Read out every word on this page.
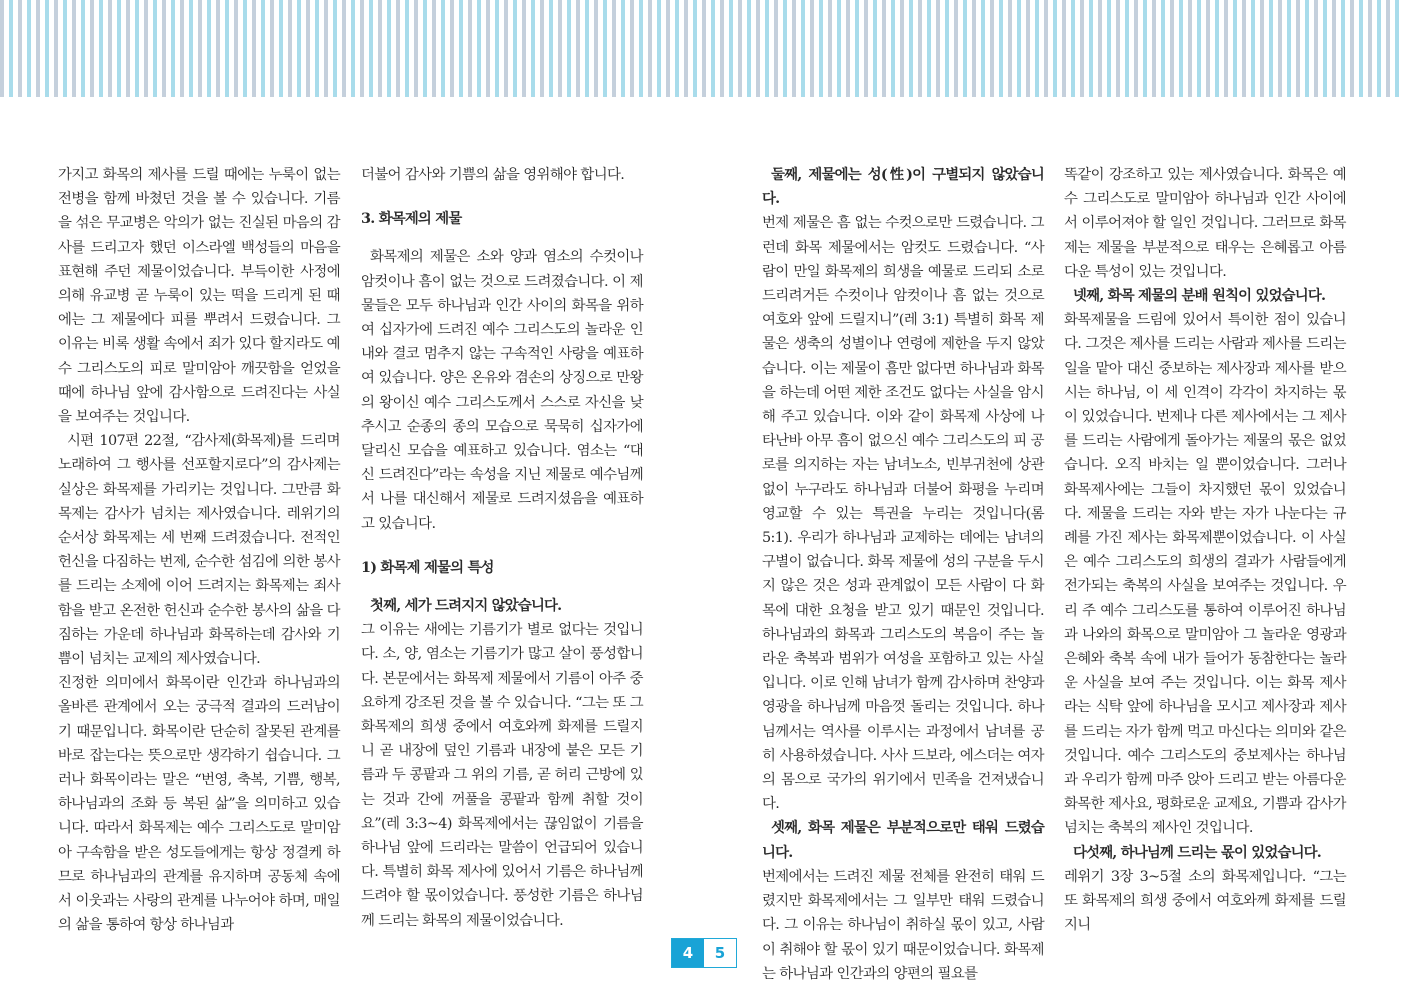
가지고 화목의 제사를 드릴 때에는 누룩이 없는 전병을 함께 바쳤던 것을 볼 수 있습니다. 기름을 섞은 무교병은 악의가 없는 진실된 마음의 감사를 드리고자 했던 이스라엘 백성들의 마음을 표현해 주던 제물이었습니다. 부득이한 사정에 의해 유교병 곧 누룩이 있는 떡을 드리게 된 때에는 그 제물에다 피를 뿌려서 드렸습니다. 그 이유는 비록 생활 속에서 죄가 있다 할지라도 예수 그리스도의 피로 말미암아 깨끗함을 얻었을 때에 하나님 앞에 감사함으로 드려진다는 사실을 보여주는 것입니다.

시편 107편 22절, “감사제(화목제)를 드리며 노래하여 그 행사를 선포할지로다”의 감사제는 실상은 화목제를 가리키는 것입니다. 그만큼 화목제는 감사가 넘치는 제사였습니다. 레위기의 순서상 화목제는 세 번째 드려졌습니다. 전적인 헌신을 다짐하는 번제, 순수한 섬김에 의한 봉사를 드리는 소제에 이어 드려지는 화목제는 죄사함을 받고 온전한 헌신과 순수한 봉사의 삶을 다짐하는 가운데 하나님과 화목하는데 감사와 기쁨이 넘치는 교제의 제사였습니다.

진정한 의미에서 화목이란 인간과 하나님과의 올바른 관계에서 오는 궁극적 결과의 드러남이기 때문입니다. 화목이란 단순히 잘못된 관계를 바로 잡는다는 뜻으로만 생각하기 쉽습니다. 그러나 화목이라는 말은 “번영, 축복, 기쁨, 행복, 하나님과의 조화 등 복된 삶”을 의미하고 있습니다. 따라서 화목제는 예수 그리스도로 말미암아 구속함을 받은 성도들에게는 항상 정결케 하므로 하나님과의 관계를 유지하며 공동체 속에서 이웃과는 사랑의 관계를 나누어야 하며, 매일의 삶을 통하여 항상 하나님과

더불어 감사와 기쁨의 삶을 영위해야 합니다.

3. 화목제의 제물

화목제의 제물은 소와 양과 염소의 수컷이나 암컷이나 흠이 없는 것으로 드려졌습니다. 이 제물들은 모두 하나님과 인간 사이의 화목을 위하여 십자가에 드려진 예수 그리스도의 놀라운 인내와 결코 멈추지 않는 구속적인 사랑을 예표하여 있습니다. 양은 온유와 겸손의 상징으로 만왕의 왕이신 예수 그리스도께서 스스로 자신을 낮추시고 순종의 종의 모습으로 묵묵히 십자가에 달리신 모습을 예표하고 있습니다. 염소는 “대신 드려진다”라는 속성을 지닌 제물로 예수님께서 나를 대신해서 제물로 드려지셨음을 예표하고 있습니다.

1) 화목제 제물의 특성

첫째, 세가 드려지지 않았습니다.

그 이유는 새에는 기름기가 별로 없다는 것입니다. 소, 양, 염소는 기름기가 많고 살이 풍성합니다. 본문에서는 화목제 제물에서 기름이 아주 중요하게 강조된 것을 볼 수 있습니다. “그는 또 그 화목제의 희생 중에서 여호와께 화제를 드릴지니 곧 내장에 덮인 기름과 내장에 붙은 모든 기름과 두 콩팥과 그 위의 기름, 곧 허리 근방에 있는 것과 간에 꺼풀을 콩팥과 함께 취할 것이요”(레 3:3~4) 화목제에서는 끊임없이 기름을 하나님 앞에 드리라는 말씀이 언급되어 있습니다. 특별히 화목 제사에 있어서 기름은 하나님께 드려야 할 몫이었습니다. 풍성한 기름은 하나님께 드리는 화목의 제물이었습니다.

둘째, 제물에는 성(性)이 구별되지 않았습니다.

번제 제물은 흠 없는 수컷으로만 드렸습니다. 그런데 화목 제물에서는 암컷도 드렸습니다. “사람이 만일 화목제의 희생을 예물로 드리되 소로 드리려거든 수컷이나 암컷이나 흠 없는 것으로 여호와 앞에 드릴지니”(레 3:1) 특별히 화목 제물은 생축의 성별이나 연령에 제한을 두지 않았습니다. 이는 제물이 흠만 없다면 하나님과 화목을 하는데 어떤 제한 조건도 없다는 사실을 암시해 주고 있습니다. 이와 같이 화목제 사상에 나타난바 아무 흠이 없으신 예수 그리스도의 피 공로를 의지하는 자는 남녀노소, 빈부귀천에 상관없이 누구라도 하나님과 더불어 화평을 누리며 영교할 수 있는 특권을 누리는 것입니다(롬 5:1). 우리가 하나님과 교제하는 데에는 남녀의 구별이 없습니다. 화목 제물에 성의 구분을 두시지 않은 것은 성과 관계없이 모든 사람이 다 화목에 대한 요청을 받고 있기 때문인 것입니다. 하나님과의 화목과 그리스도의 복음이 주는 놀라운 축복과 범위가 여성을 포함하고 있는 사실입니다. 이로 인해 남녀가 함께 감사하며 찬양과 영광을 하나님께 마음껏 돌리는 것입니다. 하나님께서는 역사를 이루시는 과정에서 남녀를 공히 사용하셨습니다. 사사 드보라, 에스더는 여자의 몸으로 국가의 위기에서 민족을 건져냈습니다.

셋째, 화목 제물은 부분적으로만 태워 드렸습니다.

번제에서는 드려진 제물 전체를 완전히 태워 드렸지만 화목제에서는 그 일부만 태워 드렸습니다. 그 이유는 하나님이 취하실 몫이 있고, 사람이 취해야 할 몫이 있기 때문이었습니다. 화목제는 하나님과 인간과의 양편의 필요를

똑같이 강조하고 있는 제사였습니다. 화목은 예수 그리스도로 말미암아 하나님과 인간 사이에서 이루어져야 할 일인 것입니다. 그러므로 화목제는 제물을 부분적으로 태우는 은혜롭고 아름다운 특성이 있는 것입니다.

넷째, 화목 제물의 분배 원칙이 있었습니다.

화목제물을 드림에 있어서 특이한 점이 있습니다. 그것은 제사를 드리는 사람과 제사를 드리는 일을 맡아 대신 중보하는 제사장과 제사를 받으시는 하나님, 이 세 인격이 각각이 차지하는 몫이 있었습니다. 번제나 다른 제사에서는 그 제사를 드리는 사람에게 돌아가는 제물의 몫은 없었습니다. 오직 바치는 일 뿐이었습니다. 그러나 화목제사에는 그들이 차지했던 몫이 있었습니다. 제물을 드리는 자와 받는 자가 나눈다는 규례를 가진 제사는 화목제뿐이었습니다. 이 사실은 예수 그리스도의 희생의 결과가 사람들에게 전가되는 축복의 사실을 보여주는 것입니다. 우리 주 예수 그리스도를 통하여 이루어진 하나님과 나와의 화목으로 말미암아 그 놀라운 영광과 은혜와 축복 속에 내가 들어가 동참한다는 놀라운 사실을 보여 주는 것입니다. 이는 화목 제사라는 식탁 앞에 하나님을 모시고 제사장과 제사를 드리는 자가 함께 먹고 마신다는 의미와 같은 것입니다. 예수 그리스도의 중보제사는 하나님과 우리가 함께 마주 앉아 드리고 받는 아름다운 화목한 제사요, 평화로운 교제요, 기쁨과 감사가 넘치는 축복의 제사인 것입니다.

다섯째, 하나님께 드리는 몫이 있었습니다.

레위기 3장 3~5절 소의 화목제입니다. “그는 또 화목제의 희생 중에서 여호와께 화제를 드릴지니

4	5
